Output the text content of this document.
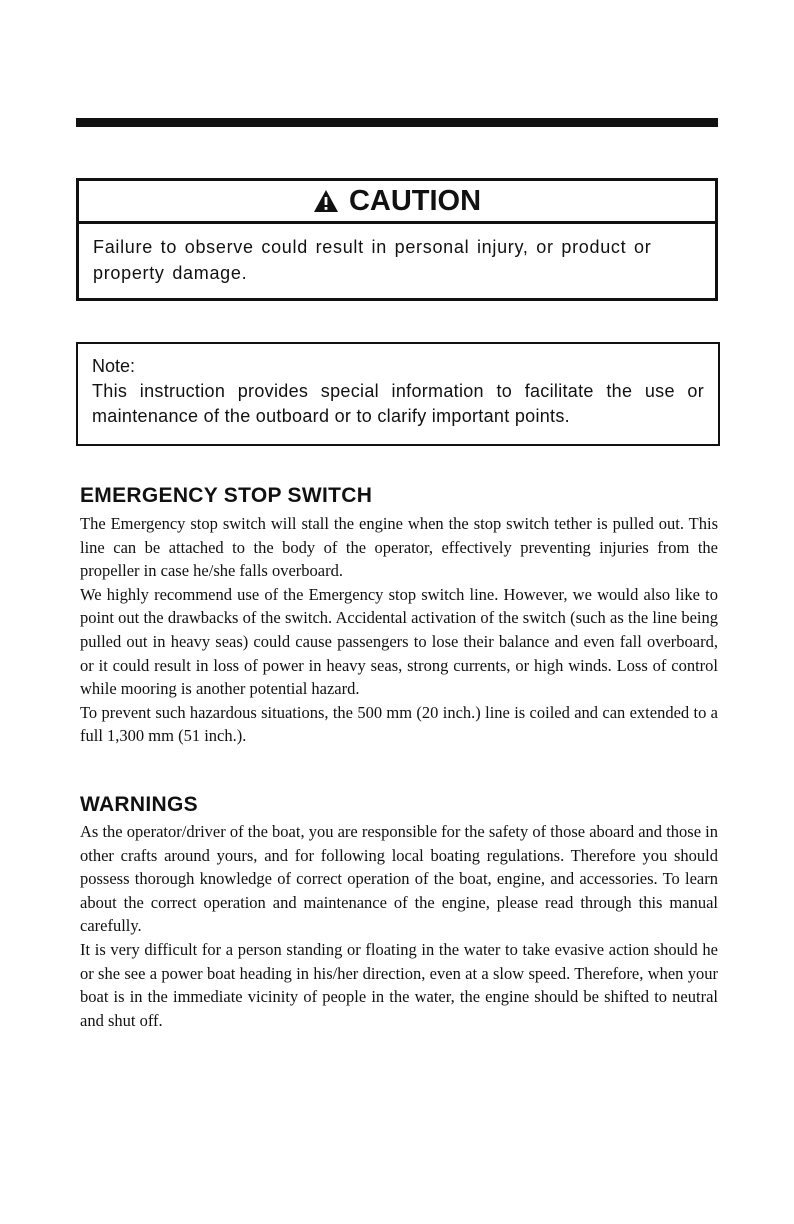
CAUTION
Failure to observe could result in personal injury, or product or property damage.
Note:
This instruction provides special information to facilitate the use or maintenance of the outboard or to clarify important points.
EMERGENCY STOP SWITCH

The Emergency stop switch will stall the engine when the stop switch tether is pulled out. This line can be attached to the body of the operator, effectively preventing injuries from the propeller in case he/she falls overboard.

We highly recommend use of the Emergency stop switch line. However, we would also like to point out the drawbacks of the switch. Accidental activation of the switch (such as the line being pulled out in heavy seas) could cause passengers to lose their balance and even fall overboard, or it could result in loss of power in heavy seas, strong currents, or high winds. Loss of control while mooring is another potential hazard.

To prevent such hazardous situations, the 500 mm (20 inch.) line is coiled and can extended to a full 1,300 mm (51 inch.).

WARNINGS

As the operator/driver of the boat, you are responsible for the safety of those aboard and those in other crafts around yours, and for following local boating regulations. Therefore you should possess thorough knowledge of correct operation of the boat, engine, and accessories. To learn about the correct operation and maintenance of the engine, please read through this manual carefully.

It is very difficult for a person standing or floating in the water to take evasive action should he or she see a power boat heading in his/her direction, even at a slow speed. Therefore, when your boat is in the immediate vicinity of people in the water, the engine should be shifted to neutral and shut off.
